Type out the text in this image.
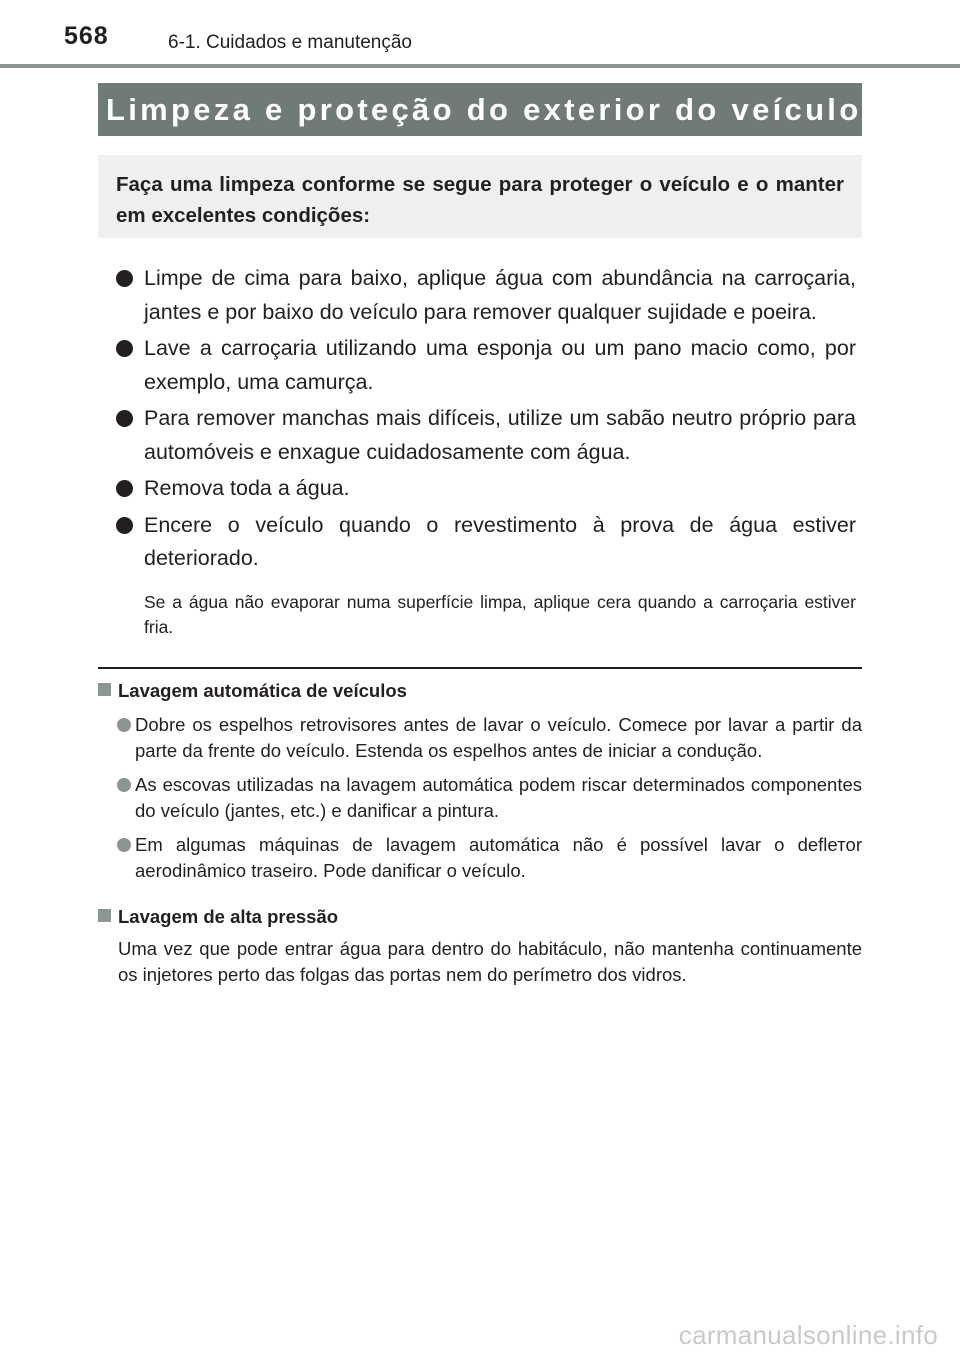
568	6-1. Cuidados e manutenção
Limpeza e proteção do exterior do veículo
Faça uma limpeza conforme se segue para proteger o veículo e o manter em excelentes condições:
Limpe de cima para baixo, aplique água com abundância na carroçaria, jantes e por baixo do veículo para remover qualquer sujidade e poeira.
Lave a carroçaria utilizando uma esponja ou um pano macio como, por exemplo, uma camurça.
Para remover manchas mais difíceis, utilize um sabão neutro próprio para automóveis e enxague cuidadosamente com água.
Remova toda a água.
Encere o veículo quando o revestimento à prova de água estiver deteriorado.
Se a água não evaporar numa superfície limpa, aplique cera quando a carroçaria estiver fria.
Lavagem automática de veículos
Dobre os espelhos retrovisores antes de lavar o veículo. Comece por lavar a partir da parte da frente do veículo. Estenda os espelhos antes de iniciar a condução.
As escovas utilizadas na lavagem automática podem riscar determinados componentes do veículo (jantes, etc.) e danificar a pintura.
Em algumas máquinas de lavagem automática não é possível lavar o deflетor aerodinâmico traseiro. Pode danificar o veículo.
Lavagem de alta pressão
Uma vez que pode entrar água para dentro do habitáculo, não mantenha continuamente os injetores perto das folgas das portas nem do perímetro dos vidros.
carmanualsonline.info
